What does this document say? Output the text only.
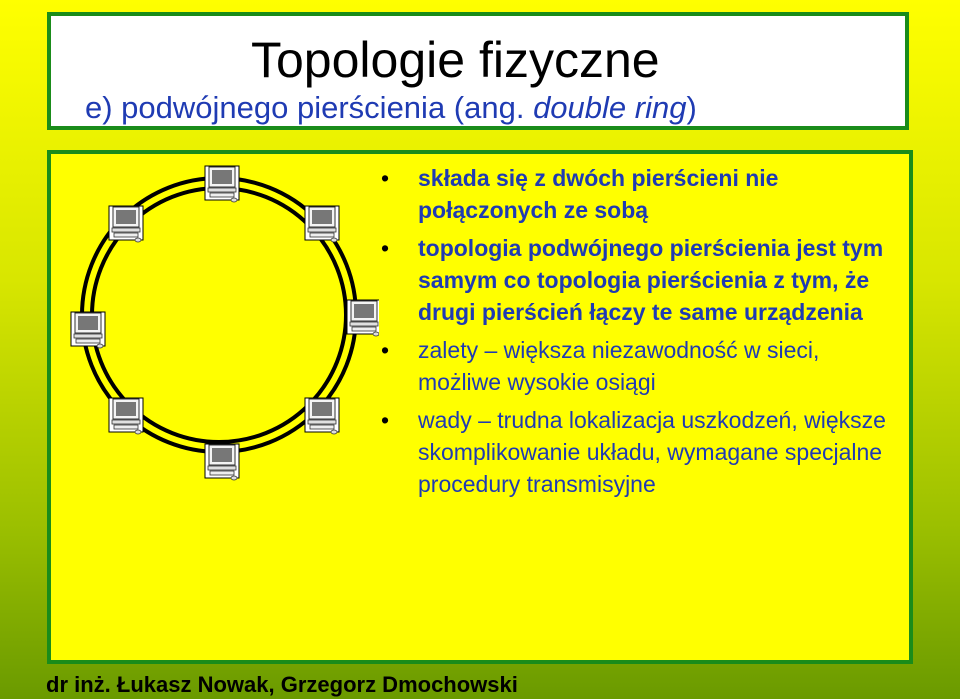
Topologie fizyczne
e) podwójnego pierścienia (ang. double ring)
• składa się z dwóch pierścieni nie połączonych ze sobą
• topologia podwójnego pierścienia jest tym samym co topologia pierścienia z tym, że drugi pierścień łączy te same urządzenia
• zalety – większa niezawodność w sieci, możliwe wysokie osiągi
• wady – trudna lokalizacja uszkodzeń, większe skomplikowanie układu, wymagane specjalne procedury transmisyjne
dr inż. Łukasz Nowak, Grzegorz Dmochowski
